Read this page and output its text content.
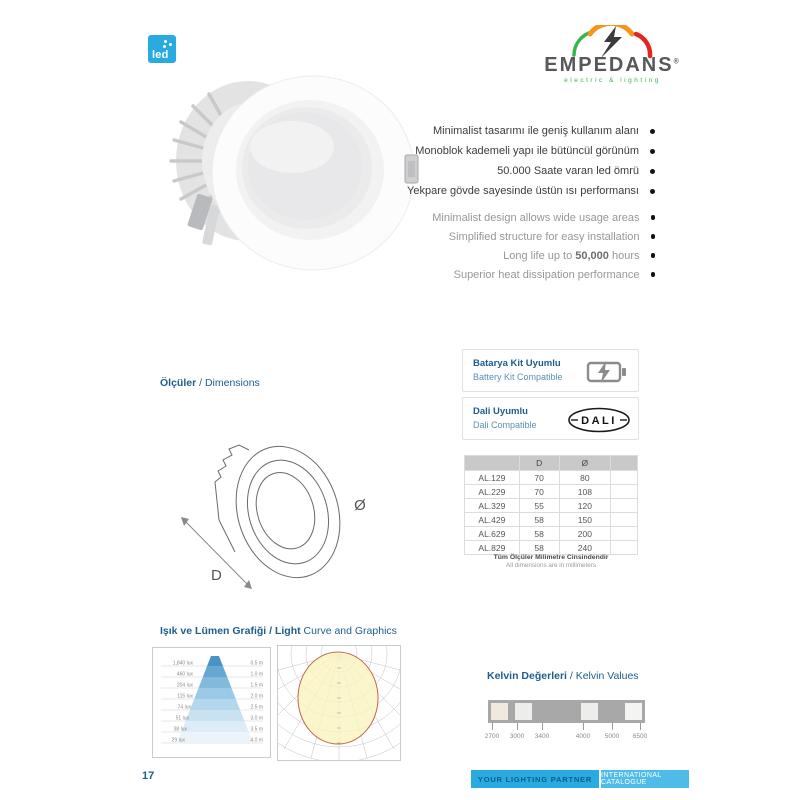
led	EMPEDANS®
electric & lighting
Minimalist tasarımı ile geniş kullanım alanı
Monoblok kademeli yapı ile bütüncül görünüm
50.000 Saate varan led ömrü
Yekpare gövde sayesinde üstün ısı performansı
Minimalist design allows wide usage areas
Simplified structure for easy installation
Long life up to 50,000 hours
Superior heat dissipation performance
Ölçüler / Dimensions
Ø
D
Batarya Kit Uyumlu
Battery Kit Compatible
Dali Uyumlu
Dali Compatible	DALI
	D	Ø	
AL.129	70	80	
AL.229	70	108	
AL.329	55	120	
AL.429	58	150	
AL.629	58	200	
AL.829	58	240	
Tüm Ölçüler Milimetre Cinsindendir
All dimensions are in millimeters
Işık ve Lümen Grafiği / Light Curve and Graphics
1,840 lux
460 lux
204 lux
115 lux
74 lux
51 lux
38 lux
29 lux
0.5 m
1.0 m
1.5 m
2.0 m
2.5 m
3.0 m
3.5 m
4.0 m
Kelvin Değerleri / Kelvin Values
2700 3000 3400	4000 5000 6500
17	YOUR LIGHTING PARTNER	INTERNATIONAL CATALOGUE
